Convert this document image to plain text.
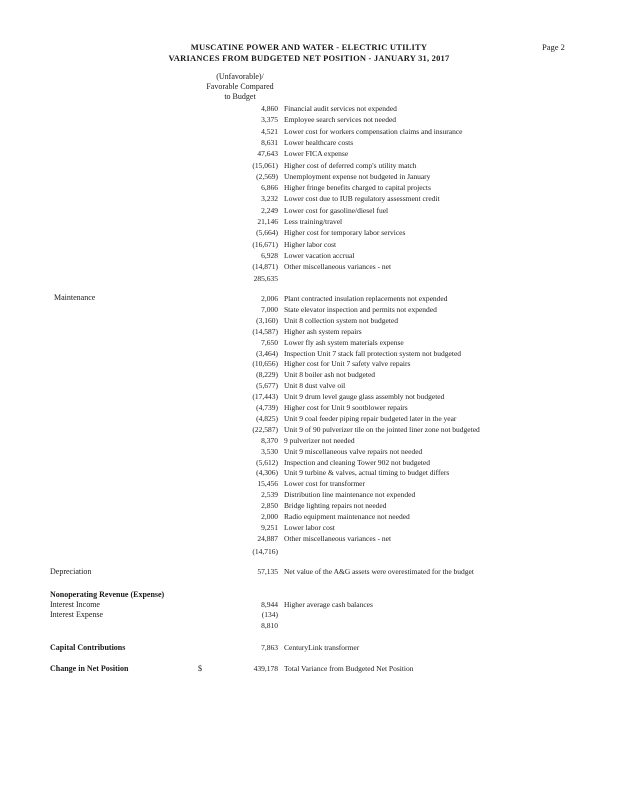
MUSCATINE POWER AND WATER - ELECTRIC UTILITY
VARIANCES FROM BUDGETED NET POSITION - JANUARY 31, 2017
Page 2
(Unfavorable)/
Favorable Compared
to Budget
4,860 Financial audit services not expended
3,375 Employee search services not needed
4,521 Lower cost for workers compensation claims and insurance
8,631 Lower healthcare costs
47,643 Lower FICA expense
(15,061) Higher cost of deferred comp's utility match
(2,569) Unemployment expense not budgeted in January
6,866 Higher fringe benefits charged to capital projects
3,232 Lower cost due to IUB regulatory assessment credit
2,249 Lower cost for gasoline/diesel fuel
21,146 Less training/travel
(5,664) Higher cost for temporary labor services
(16,671) Higher labor cost
6,928 Lower vacation accrual
(14,871) Other miscellaneous variances - net
285,635
Maintenance	2,006 Plant contracted insulation replacements not expended
7,000 State elevator inspection and permits not expended
(3,160) Unit 8 collection system not budgeted
(14,587) Higher ash system repairs
7,650 Lower fly ash system materials expense
(3,464) Inspection Unit 7 stack fall protection system not budgeted
(10,656) Higher cost for Unit 7 safety valve repairs
(8,229) Unit 8 boiler ash not budgeted
(5,677) Unit 8 dust valve oil
(17,443) Unit 9 drum level gauge glass assembly not budgeted
(4,739) Higher cost for Unit 9 sootblower repairs
(4,825) Unit 9 coal feeder piping repair budgeted later in the year
(22,587) Unit 9 of 90 pulverizer tile on the jointed liner zone not budgeted
8,370 9 pulverizer not needed
3,530 Unit 9 miscellaneous valve repairs not needed
(5,612) Inspection and cleaning Tower 902 not budgeted
(4,306) Unit 9 turbine & valves, actual timing to budget differs
15,456 Lower cost for transformer
2,539 Distribution line maintenance not expended
2,850 Bridge lighting repairs not needed
2,000 Radio equipment maintenance not needed
9,251 Lower labor cost
24,887 Other miscellaneous variances - net
(14,716)
Depreciation	57,135 Net value of the A&G assets were overestimated for the budget
Nonoperating Revenue (Expense)
Interest Income	8,944 Higher average cash balances
Interest Expense	(134)
8,810
Capital Contributions	7,863 CenturyLink transformer
Change in Net Position	$	439,178 Total Variance from Budgeted Net Position
